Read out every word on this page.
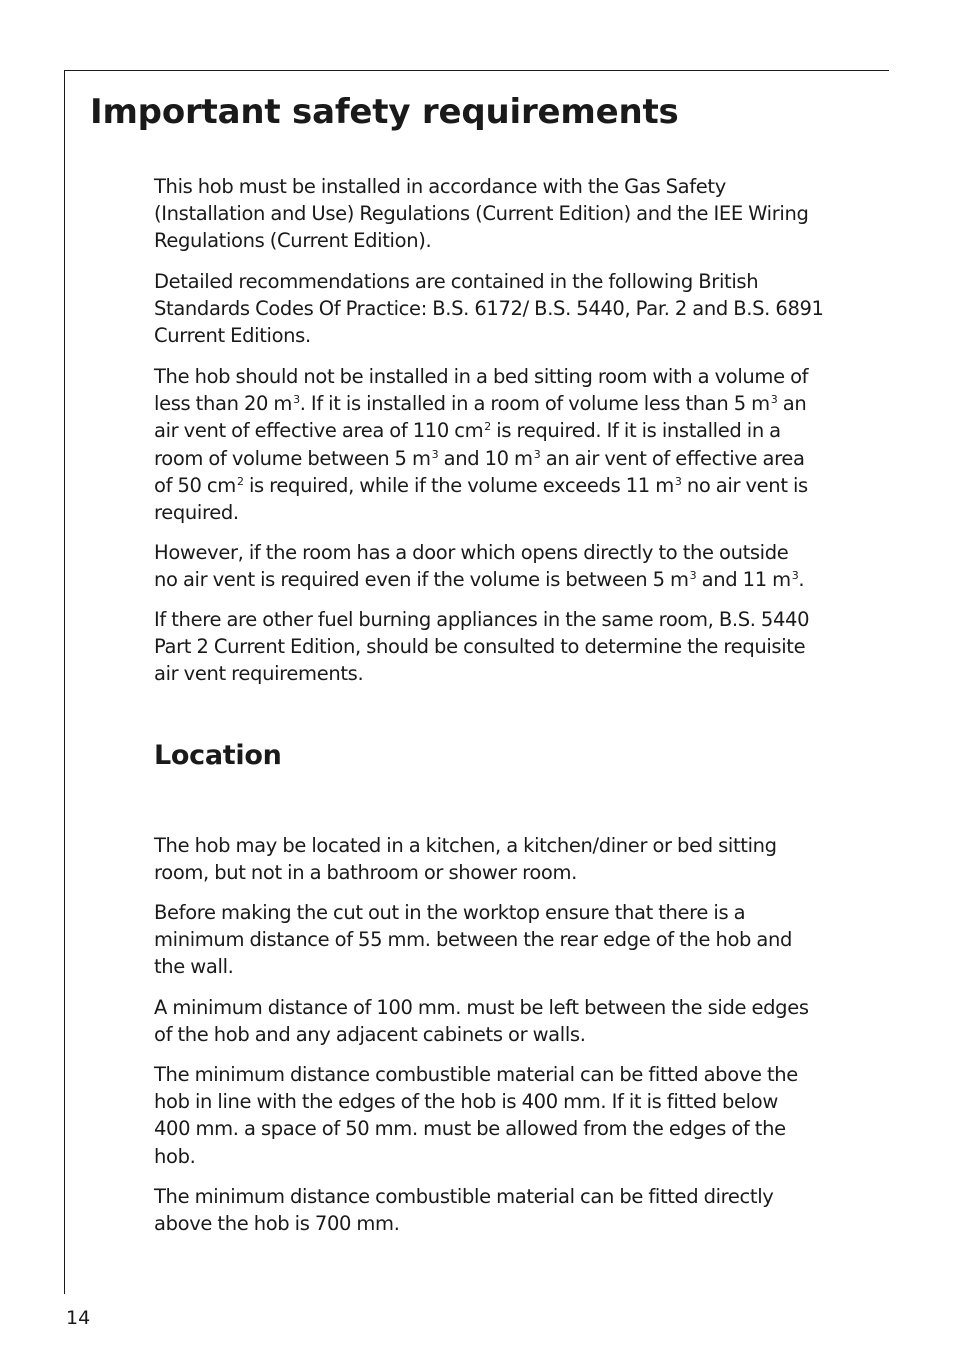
Important safety requirements

This hob must be installed in accordance with the Gas Safety
(Installation and Use) Regulations (Current Edition) and the IEE Wiring
Regulations (Current Edition).

Detailed recommendations are contained in the following British
Standards Codes Of Practice: B.S. 6172/ B.S. 5440, Par. 2 and B.S. 6891
Current Editions.

The hob should not be installed in a bed sitting room with a volume of
less than 20 $m^3$. If it is installed in a room of volume less than 5 $m^3$ an
air vent of effective area of 110 $cm^2$ is required. If it is installed in a
room of volume between 5 $m^3$ and 10 $m^3$ an air vent of effective area
of 50 $cm^2$ is required, while if the volume exceeds 11 $m^3$ no air vent is
required.

However, if the room has a door which opens directly to the outside
no air vent is required even if the volume is between 5 $m^3$ and 11 $m^3$.

If there are other fuel burning appliances in the same room, B.S. 5440
Part 2 Current Edition, should be consulted to determine the requisite
air vent requirements.

Location

The hob may be located in a kitchen, a kitchen/diner or bed sitting
room, but not in a bathroom or shower room.

Before making the cut out in the worktop ensure that there is a
minimum distance of 55 mm. between the rear edge of the hob and
the wall.

A minimum distance of 100 mm. must be left between the side edges
of the hob and any adjacent cabinets or walls.

The minimum distance combustible material can be fitted above the
hob in line with the edges of the hob is 400 mm. If it is fitted below
400 mm. a space of 50 mm. must be allowed from the edges of the
hob.

The minimum distance combustible material can be fitted directly
above the hob is 700 mm.

14
